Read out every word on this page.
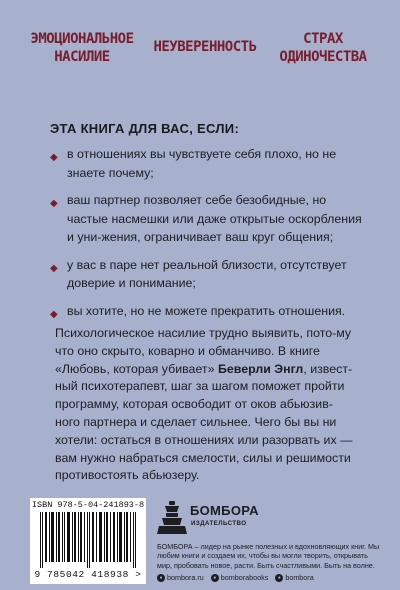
ЭМОЦИОНАЛЬНОЕ
НАСИЛИЕ
НЕУВЕРЕННОСТЬ	СТРАХ
ОДИНОЧЕСТВА
ЭТА КНИГА ДЛЯ ВАС, ЕСЛИ:
◆ в отношениях вы чувствуете себя плохо, но не знаете почему;
◆ ваш партнер позволяет себе безобидные, но частые насмешки или даже открытые оскорбления и уни-жения, ограничивает ваш круг общения;
◆ у вас в паре нет реальной близости, отсутствует доверие и понимание;
◆ вы хотите, но не можете прекратить отношения.
Психологическое насилие трудно выявить, пото-му что оно скрыто, коварно и обманчиво. В книге «Любовь, которая убивает» Беверли Энгл, извест-ный психотерапевт, шаг за шагом поможет пройти программу, которая освободит от оков абьюзив-ного партнера и сделает сильнее. Чего бы вы ни хотели: остаться в отношениях или разорвать их — вам нужно набраться смелости, силы и решимости противостоять абьюзеру.
ISBN 978-5-04-241893-8
9 785042 418938 >
БОМБОРА
ИЗДАТЕЛЬСТВО
БОМБОРА – лидер на рынке полезных и вдохновляющих книг. Мы любим книги и создаем их, чтобы вы могли творить, открывать мир, пробовать новое, расти. Быть счастливыми. Быть на волне.
● bombora.ru	● bomborabooks	● bombora
